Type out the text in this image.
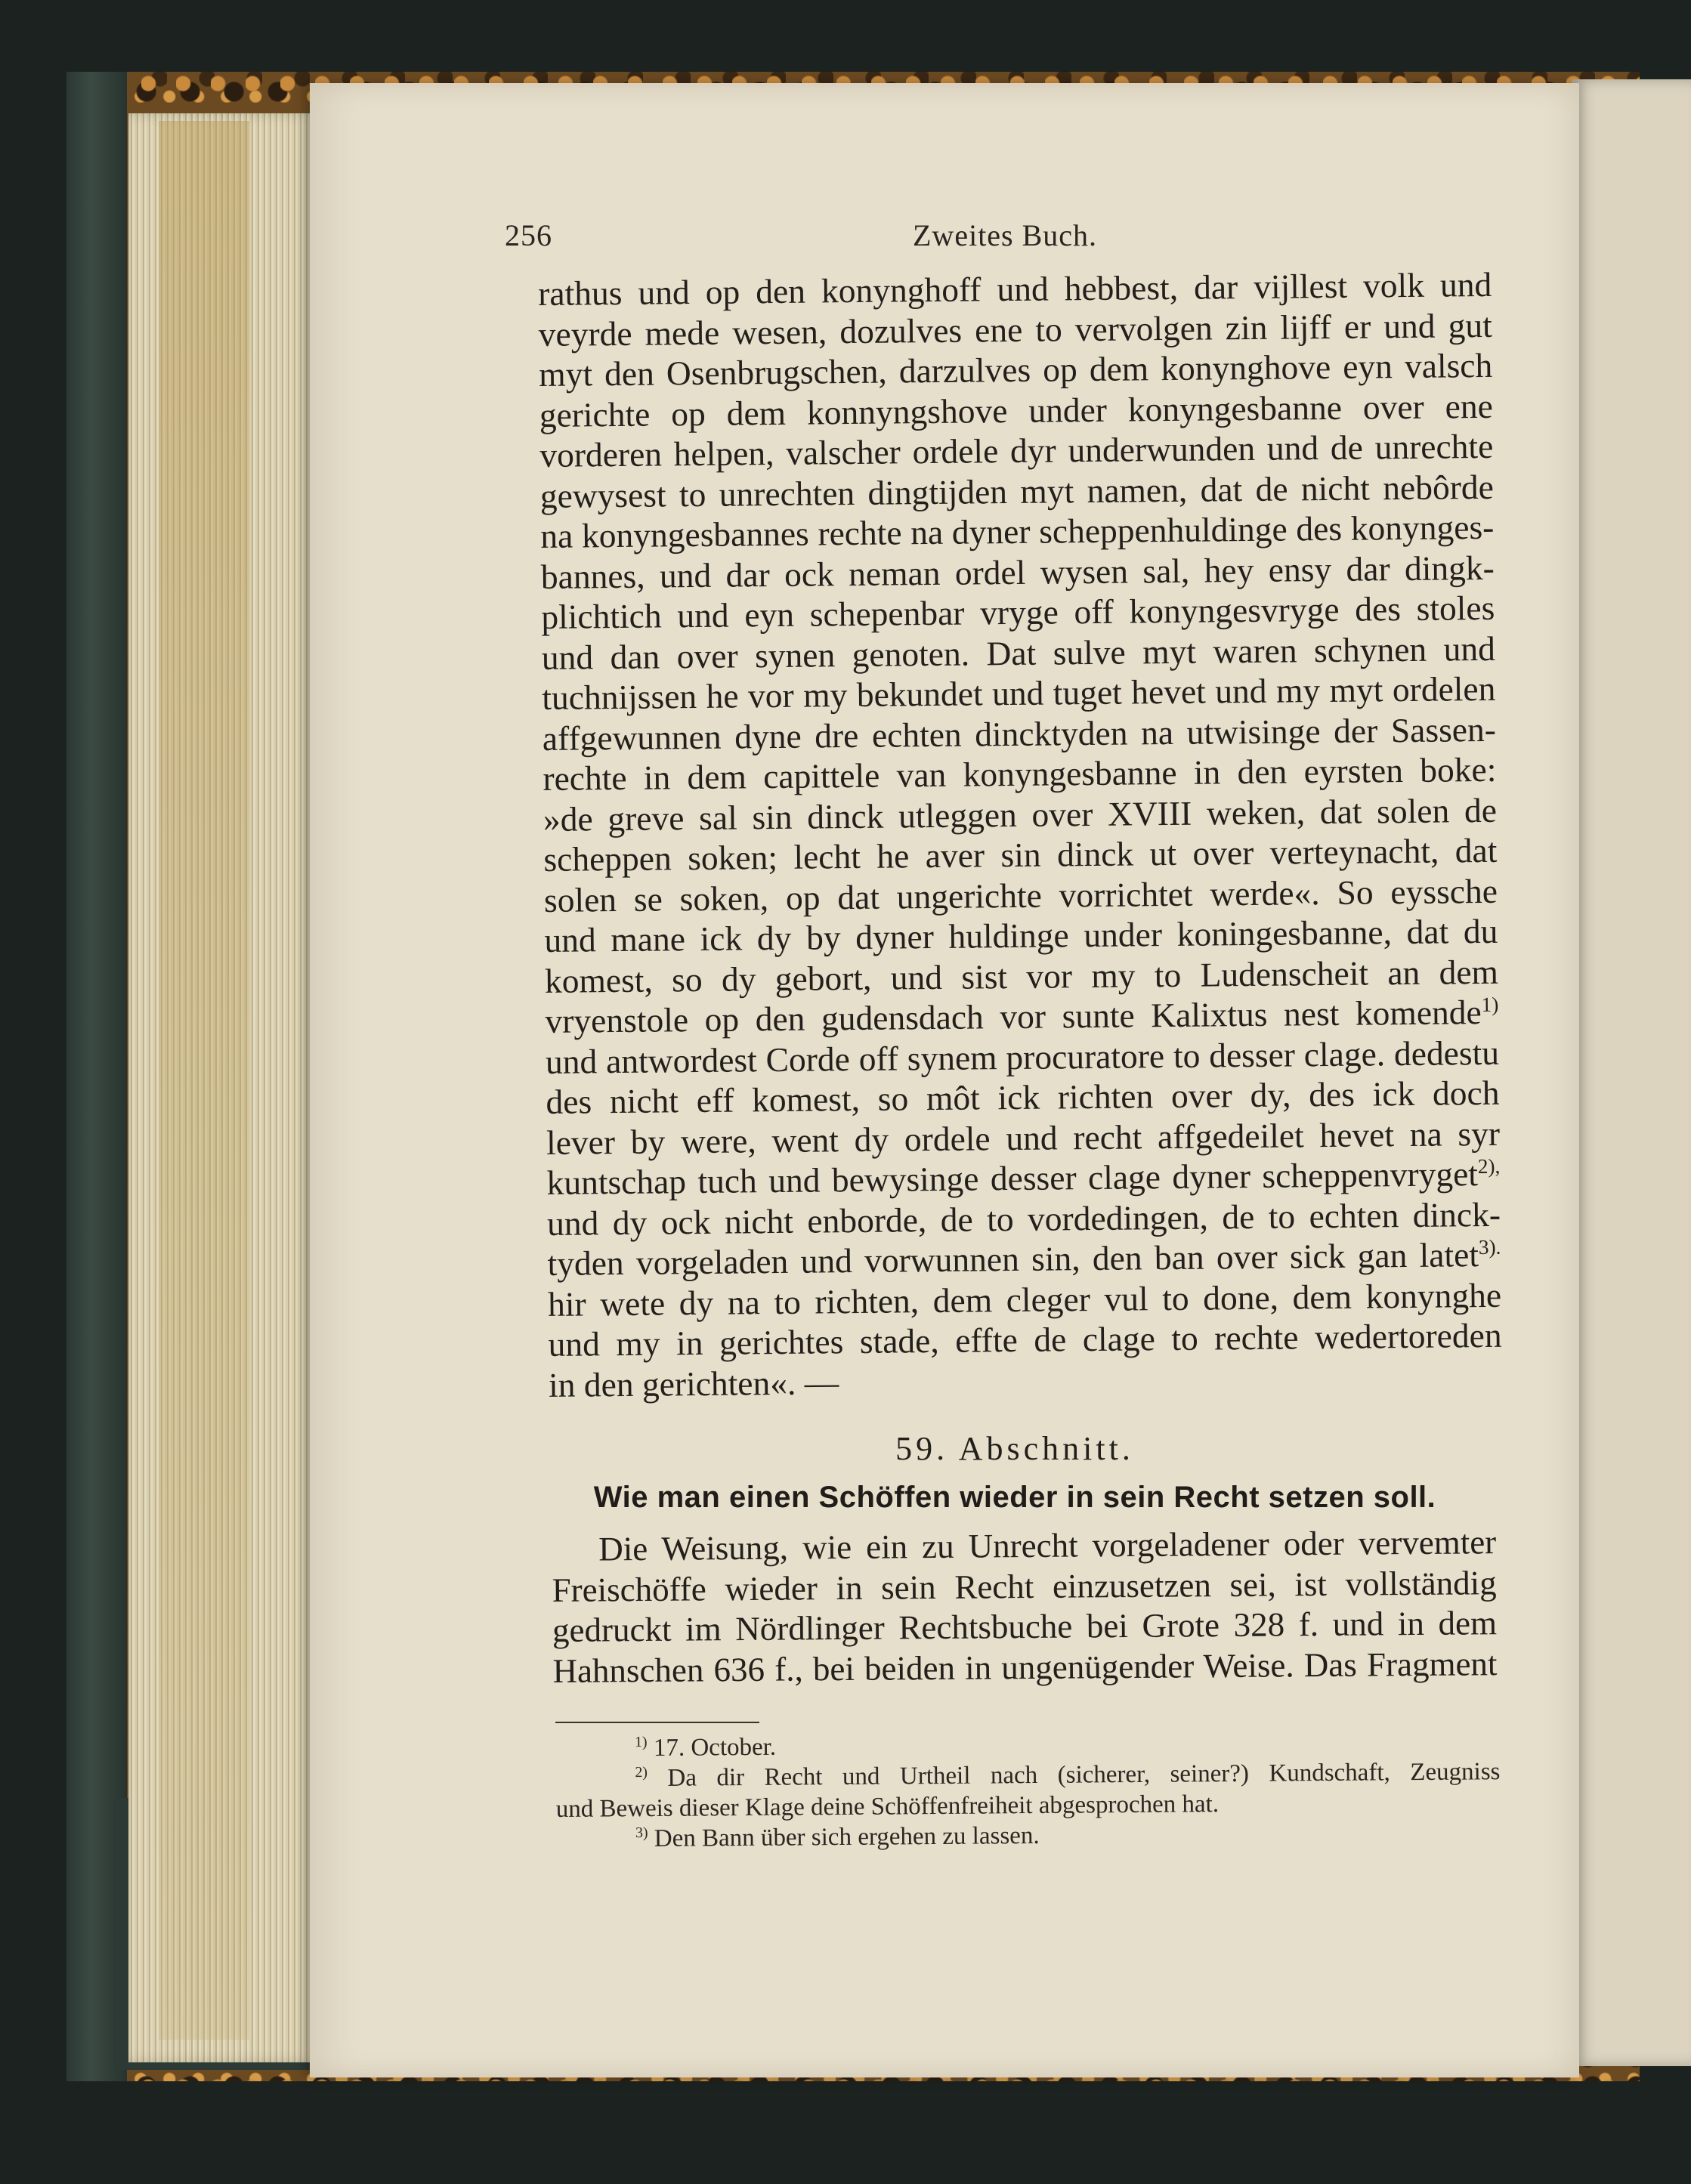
256	Zweites Buch.
rathus und op den konynghoff und hebbest, dar vijllest volk und
veyrde mede wesen, dozulves ene to vervolgen zin lijff er und gut
myt den Osenbrugschen, darzulves op dem konynghove eyn valsch
gerichte op dem konnyngshove under konyngesbanne over ene
vorderen helpen, valscher ordele dyr underwunden und de unrechte
gewysest to unrechten dingtijden myt namen, dat de nicht nebôrde
na konyngesbannes rechte na dyner scheppenhuldinge des konynges-
bannes, und dar ock neman ordel wysen sal, hey ensy dar dingk-
plichtich und eyn schepenbar vryge off konyngesvryge des stoles
und dan over synen genoten. Dat sulve myt waren schynen und
tuchnijssen he vor my bekundet und tuget hevet und my myt ordelen
affgewunnen dyne dre echten dincktyden na utwisinge der Sassen-
rechte in dem capittele van konyngesbanne in den eyrsten boke:
»de greve sal sin dinck utleggen over XVIII weken, dat solen de
scheppen soken; lecht he aver sin dinck ut over verteynacht, dat
solen se soken, op dat ungerichte vorrichtet werde«. So eyssche
und mane ick dy by dyner huldinge under koningesbanne, dat du
komest, so dy gebort, und sist vor my to Ludenscheit an dem
vryenstole op den gudensdach vor sunte Kalixtus nest komende$^{1)}$
und antwordest Corde off synem procuratore to desser clage. dedestu
des nicht eff komest, so môt ick richten over dy, des ick doch
lever by were, went dy ordele und recht affgedeilet hevet na syr
kuntschap tuch und bewysinge desser clage dyner scheppenvryget$^{2),}$
und dy ock nicht enborde, de to vordedingen, de to echten dinck-
tyden vorgeladen und vorwunnen sin, den ban over sick gan latet$^{3).}$
hir wete dy na to richten, dem cleger vul to done, dem konynghe
und my in gerichtes stade, effte de clage to rechte wedertoreden
in den gerichten«. —
59. Abschnitt.
Wie man einen Schöffen wieder in sein Recht setzen soll.
Die Weisung, wie ein zu Unrecht vorgeladener oder vervemter
Freischöffe wieder in sein Recht einzusetzen sei, ist vollständig
gedruckt im Nördlinger Rechtsbuche bei Grote 328 f. und in dem
Hahnschen 636 f., bei beiden in ungenügender Weise. Das Fragment
$^{1)}$ 17. October.
$^{2)}$ Da dir Recht und Urtheil nach (sicherer, seiner?) Kundschaft, Zeugniss
und Beweis dieser Klage deine Schöffenfreiheit abgesprochen hat.
$^{3)}$ Den Bann über sich ergehen zu lassen.
